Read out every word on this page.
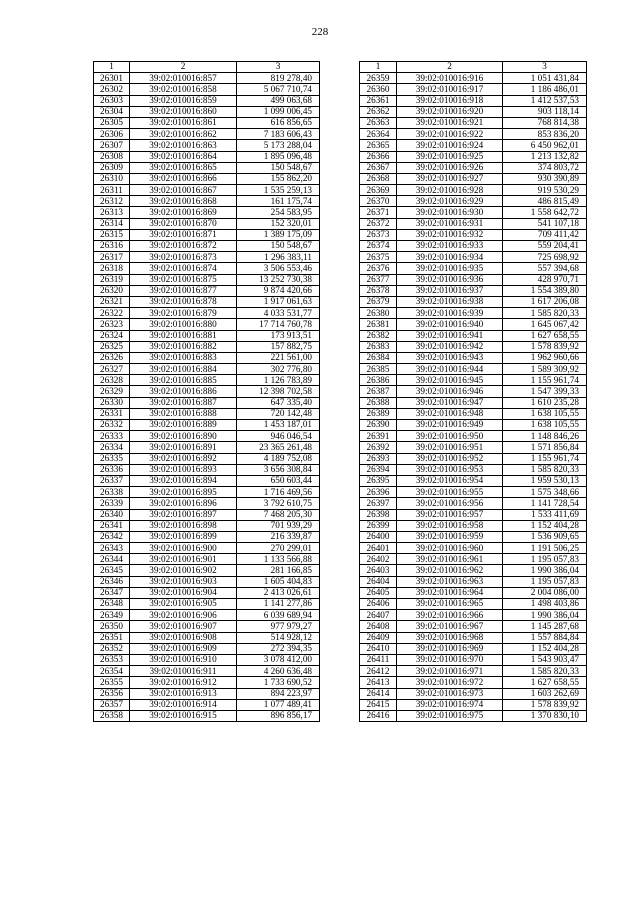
228
1	2	3
26301	39:02:010016:857	819 278,40
26302	39:02:010016:858	5 067 710,74
26303	39:02:010016:859	499 063,68
26304	39:02:010016:860	1 099 006,45
26305	39:02:010016:861	616 856,65
26306	39:02:010016:862	7 183 606,43
26307	39:02:010016:863	5 173 288,04
26308	39:02:010016:864	1 895 096,48
26309	39:02:010016:865	150 548,67
26310	39:02:010016:866	155 862,20
26311	39:02:010016:867	1 535 259,13
26312	39:02:010016:868	161 175,74
26313	39:02:010016:869	254 583,95
26314	39:02:010016:870	152 320,01
26315	39:02:010016:871	1 389 175,09
26316	39:02:010016:872	150 548,67
26317	39:02:010016:873	1 296 383,11
26318	39:02:010016:874	3 506 553,46
26319	39:02:010016:875	13 252 730,38
26320	39:02:010016:877	9 874 420,66
26321	39:02:010016:878	1 917 061,63
26322	39:02:010016:879	4 033 531,77
26323	39:02:010016:880	17 714 760,78
26324	39:02:010016:881	173 913,51
26325	39:02:010016:882	157 882,75
26326	39:02:010016:883	221 561,00
26327	39:02:010016:884	302 776,80
26328	39:02:010016:885	1 126 783,89
26329	39:02:010016:886	12 398 702,58
26330	39:02:010016:887	647 335,40
26331	39:02:010016:888	720 142,48
26332	39:02:010016:889	1 453 187,01
26333	39:02:010016:890	946 046,54
26334	39:02:010016:891	23 365 261,48
26335	39:02:010016:892	4 189 752,08
26336	39:02:010016:893	3 656 308,84
26337	39:02:010016:894	650 603,44
26338	39:02:010016:895	1 716 469,56
26339	39:02:010016:896	3 792 610,75
26340	39:02:010016:897	7 468 205,30
26341	39:02:010016:898	701 939,29
26342	39:02:010016:899	216 339,87
26343	39:02:010016:900	270 299,01
26344	39:02:010016:901	1 133 566,88
26345	39:02:010016:902	281 166,85
26346	39:02:010016:903	1 605 404,83
26347	39:02:010016:904	2 413 026,61
26348	39:02:010016:905	1 141 277,86
26349	39:02:010016:906	6 039 689,94
26350	39:02:010016:907	977 979,27
26351	39:02:010016:908	514 928,12
26352	39:02:010016:909	272 394,35
26353	39:02:010016:910	3 078 412,00
26354	39:02:010016:911	4 260 636,48
26355	39:02:010016:912	1 733 690,52
26356	39:02:010016:913	894 223,97
26357	39:02:010016:914	1 077 489,41
26358	39:02:010016:915	896 856,17
1	2	3
26359	39:02:010016:916	1 051 431,84
26360	39:02:010016:917	1 186 486,01
26361	39:02:010016:918	1 412 537,53
26362	39:02:010016:920	903 118,14
26363	39:02:010016:921	768 814,38
26364	39:02:010016:922	853 836,20
26365	39:02:010016:924	6 450 962,01
26366	39:02:010016:925	1 213 132,82
26367	39:02:010016:926	374 803,72
26368	39:02:010016:927	930 390,89
26369	39:02:010016:928	919 530,29
26370	39:02:010016:929	486 815,49
26371	39:02:010016:930	1 558 642,72
26372	39:02:010016:931	541 107,18
26373	39:02:010016:932	709 411,42
26374	39:02:010016:933	559 204,41
26375	39:02:010016:934	725 698,92
26376	39:02:010016:935	557 394,68
26377	39:02:010016:936	428 970,71
26378	39:02:010016:937	1 554 389,80
26379	39:02:010016:938	1 617 206,08
26380	39:02:010016:939	1 585 820,33
26381	39:02:010016:940	1 645 067,42
26382	39:02:010016:941	1 627 658,55
26383	39:02:010016:942	1 578 839,92
26384	39:02:010016:943	1 962 960,66
26385	39:02:010016:944	1 589 309,92
26386	39:02:010016:945	1 155 961,74
26387	39:02:010016:946	1 547 399,33
26388	39:02:010016:947	1 610 235,28
26389	39:02:010016:948	1 638 105,55
26390	39:02:010016:949	1 638 105,55
26391	39:02:010016:950	1 148 846,26
26392	39:02:010016:951	1 571 856,84
26393	39:02:010016:952	1 155 961,74
26394	39:02:010016:953	1 585 820,33
26395	39:02:010016:954	1 959 530,13
26396	39:02:010016:955	1 575 348,66
26397	39:02:010016:956	1 141 728,54
26398	39:02:010016:957	1 533 411,69
26399	39:02:010016:958	1 152 404,28
26400	39:02:010016:959	1 536 909,65
26401	39:02:010016:960	1 191 506,25
26402	39:02:010016:961	1 195 057,83
26403	39:02:010016:962	1 990 386,04
26404	39:02:010016:963	1 195 057,83
26405	39:02:010016:964	2 004 086,00
26406	39:02:010016:965	1 498 403,86
26407	39:02:010016:966	1 990 386,04
26408	39:02:010016:967	1 145 287,68
26409	39:02:010016:968	1 557 884,84
26410	39:02:010016:969	1 152 404,28
26411	39:02:010016:970	1 543 903,47
26412	39:02:010016:971	1 585 820,33
26413	39:02:010016:972	1 627 658,55
26414	39:02:010016:973	1 603 262,69
26415	39:02:010016:974	1 578 839,92
26416	39:02:010016:975	1 370 830,10
